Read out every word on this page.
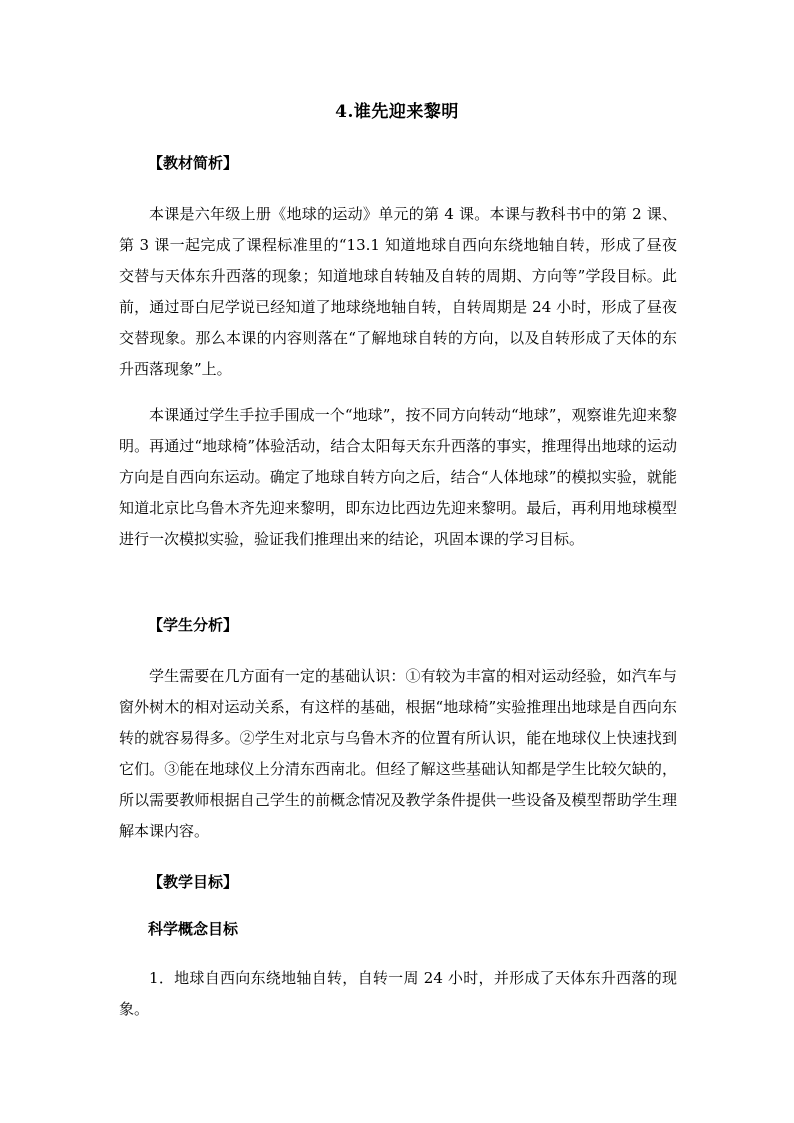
4.谁先迎来黎明
【教材简析】

本课是六年级上册《地球的运动》单元的第 4 课。本课与教科书中的第 2 课、第 3 课一起完成了课程标准里的“13.1 知道地球自西向东绕地轴自转，形成了昼夜交替与天体东升西落的现象；知道地球自转轴及自转的周期、方向等”学段目标。此前，通过哥白尼学说已经知道了地球绕地轴自转，自转周期是 24 小时，形成了昼夜交替现象。那么本课的内容则落在“了解地球自转的方向，以及自转形成了天体的东升西落现象”上。

本课通过学生手拉手围成一个“地球”，按不同方向转动“地球”，观察谁先迎来黎明。再通过“地球椅”体验活动，结合太阳每天东升西落的事实，推理得出地球的运动方向是自西向东运动。确定了地球自转方向之后，结合“人体地球”的模拟实验，就能知道北京比乌鲁木齐先迎来黎明，即东边比西边先迎来黎明。最后，再利用地球模型进行一次模拟实验，验证我们推理出来的结论，巩固本课的学习目标。

【学生分析】

学生需要在几方面有一定的基础认识：①有较为丰富的相对运动经验，如汽车与窗外树木的相对运动关系，有这样的基础，根据“地球椅”实验推理出地球是自西向东转的就容易得多。②学生对北京与乌鲁木齐的位置有所认识，能在地球仪上快速找到它们。③能在地球仪上分清东西南北。但经了解这些基础认知都是学生比较欠缺的，所以需要教师根据自己学生的前概念情况及教学条件提供一些设备及模型帮助学生理解本课内容。

【教学目标】
科学概念目标

1．地球自西向东绕地轴自转，自转一周 24 小时，并形成了天体东升西落的现象。
